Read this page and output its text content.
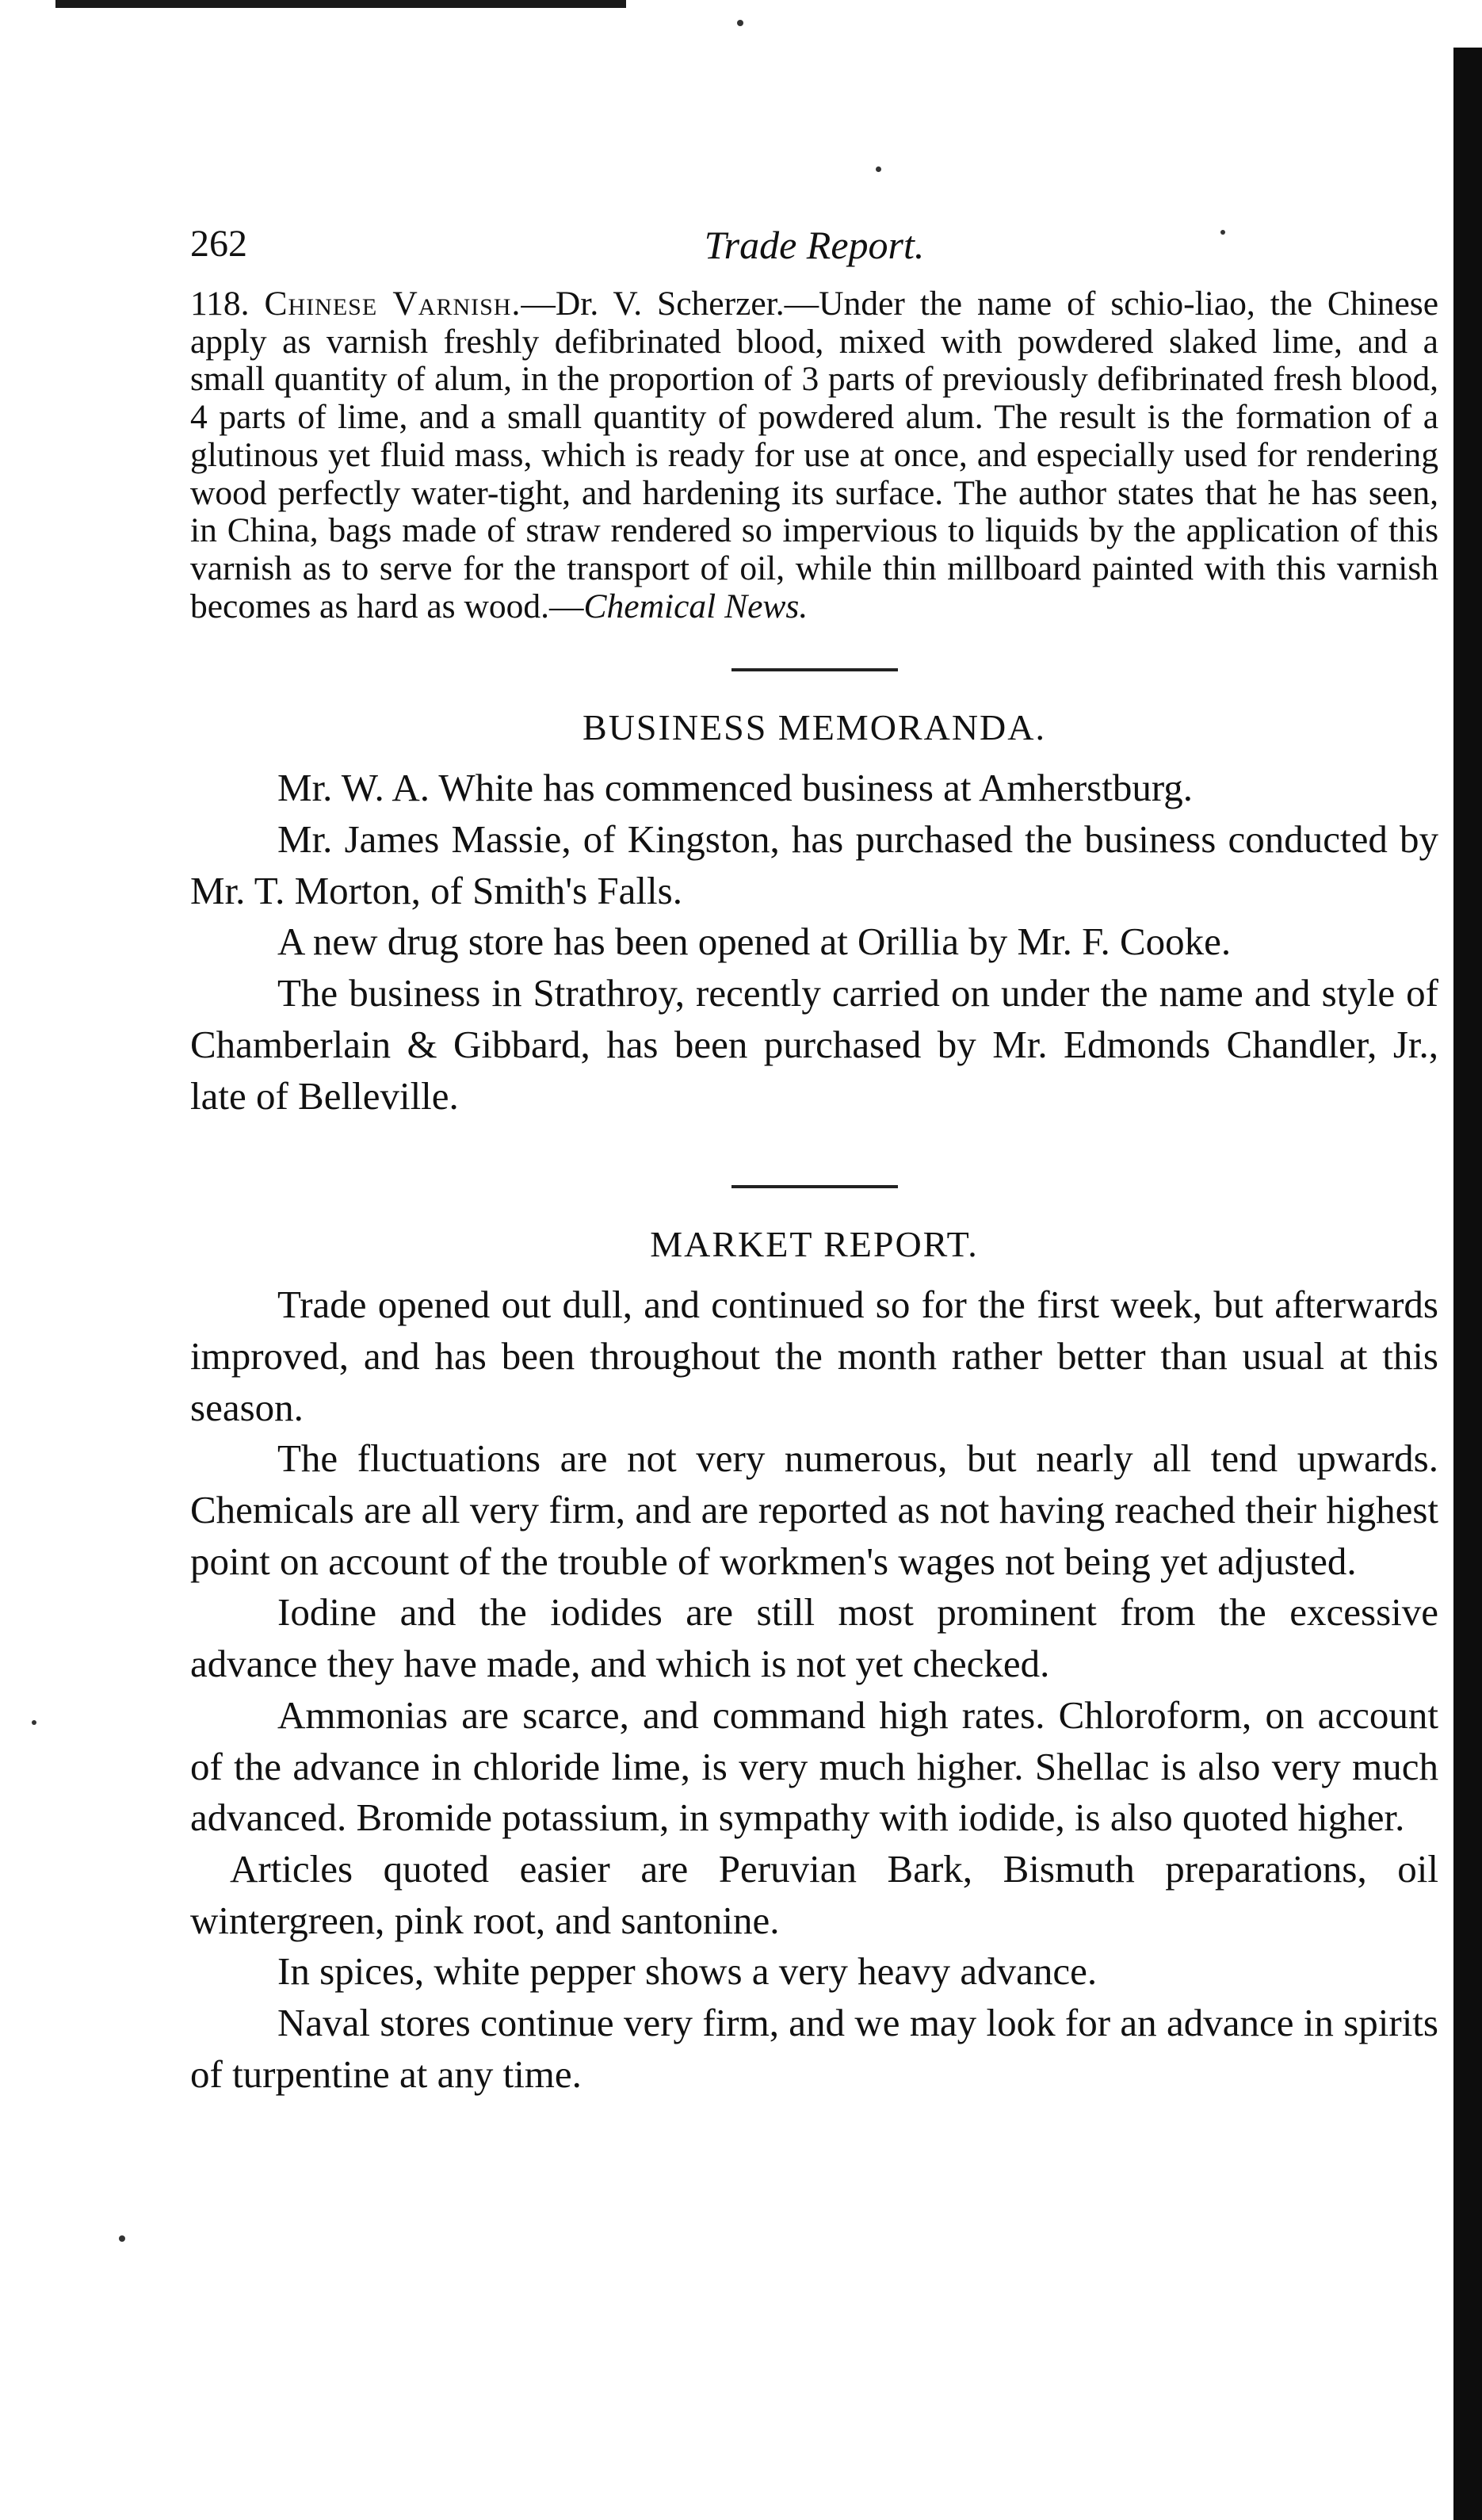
262	Trade Report.

118. Chinese Varnish.—Dr. V. Scherzer.—Under the name of schio-liao, the Chinese apply as varnish freshly defibrinated blood, mixed with powdered slaked lime, and a small quantity of alum, in the proportion of 3 parts of previously defibrinated fresh blood, 4 parts of lime, and a small quantity of powdered alum. The result is the formation of a glutinous yet fluid mass, which is ready for use at once, and especially used for rendering wood perfectly water-tight, and hardening its surface. The author states that he has seen, in China, bags made of straw rendered so impervious to liquids by the application of this varnish as to serve for the transport of oil, while thin millboard painted with this varnish becomes as hard as wood.—Chemical News.

BUSINESS MEMORANDA.

Mr. W. A. White has commenced business at Amherstburg.

Mr. James Massie, of Kingston, has purchased the business conducted by Mr. T. Morton, of Smith's Falls.

A new drug store has been opened at Orillia by Mr. F. Cooke.

The business in Strathroy, recently carried on under the name and style of Chamberlain & Gibbard, has been purchased by Mr. Edmonds Chandler, Jr., late of Belleville.

MARKET REPORT.

Trade opened out dull, and continued so for the first week, but afterwards improved, and has been throughout the month rather better than usual at this season.

The fluctuations are not very numerous, but nearly all tend upwards. Chemicals are all very firm, and are reported as not having reached their highest point on account of the trouble of workmen's wages not being yet adjusted.

Iodine and the iodides are still most prominent from the excessive advance they have made, and which is not yet checked.

Ammonias are scarce, and command high rates. Chloroform, on account of the advance in chloride lime, is very much higher. Shellac is also very much advanced. Bromide potassium, in sympathy with iodide, is also quoted higher.

Articles quoted easier are Peruvian Bark, Bismuth preparations, oil wintergreen, pink root, and santonine.

In spices, white pepper shows a very heavy advance.

Naval stores continue very firm, and we may look for an advance in spirits of turpentine at any time.
